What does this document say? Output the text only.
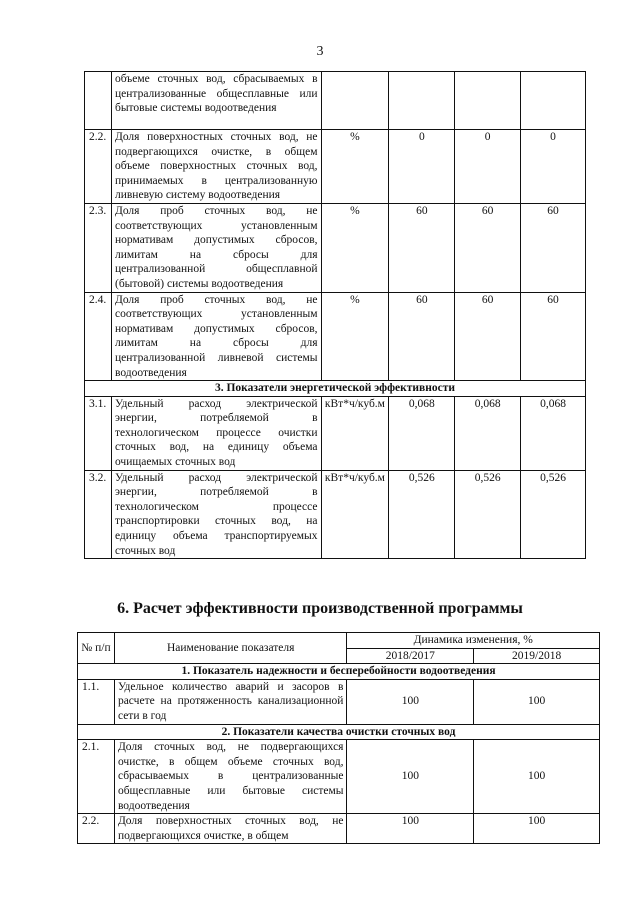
3
	объеме сточных вод, сбрасываемых в централизованные общесплавные или бытовые системы водоотведения				
2.2.	Доля поверхностных сточных вод, не подвергающихся очистке, в общем объеме поверхностных сточных вод, принимаемых в централизованную ливневую систему водоотведения	%	0	0	0
2.3.	Доля проб сточных вод, не соответствующих установленным нормативам допустимых сбросов, лимитам на сбросы для централизованной общесплавной (бытовой) системы водоотведения	%	60	60	60
2.4.	Доля проб сточных вод, не соответствующих установленным нормативам допустимых сбросов, лимитам на сбросы для централизованной ливневой системы водоотведения	%	60	60	60
3. Показатели энергетической эффективности					
3.1.	Удельный расход электрической энергии, потребляемой в технологическом процессе очистки сточных вод, на единицу объема очищаемых сточных вод	кВт*ч/куб.м	0,068	0,068	0,068
3.2.	Удельный расход электрической энергии, потребляемой в технологическом процессе транспортировки сточных вод, на единицу объема транспортируемых сточных вод	кВт*ч/куб.м	0,526	0,526	0,526
6. Расчет эффективности производственной программы
№ п/п	Наименование показателя	Динамика изменения, %	
		2018/2017	2019/2018
1. Показатель надежности и бесперебойности водоотведения			
1.1.	Удельное количество аварий и засоров в расчете на протяженность канализационной сети в год	100	100
2. Показатели качества очистки сточных вод			
2.1.	Доля сточных вод, не подвергающихся очистке, в общем объеме сточных вод, сбрасываемых в централизованные общесплавные или бытовые системы водоотведения	100	100
2.2.	Доля поверхностных сточных вод, не подвергающихся очистке, в общем	100	100
